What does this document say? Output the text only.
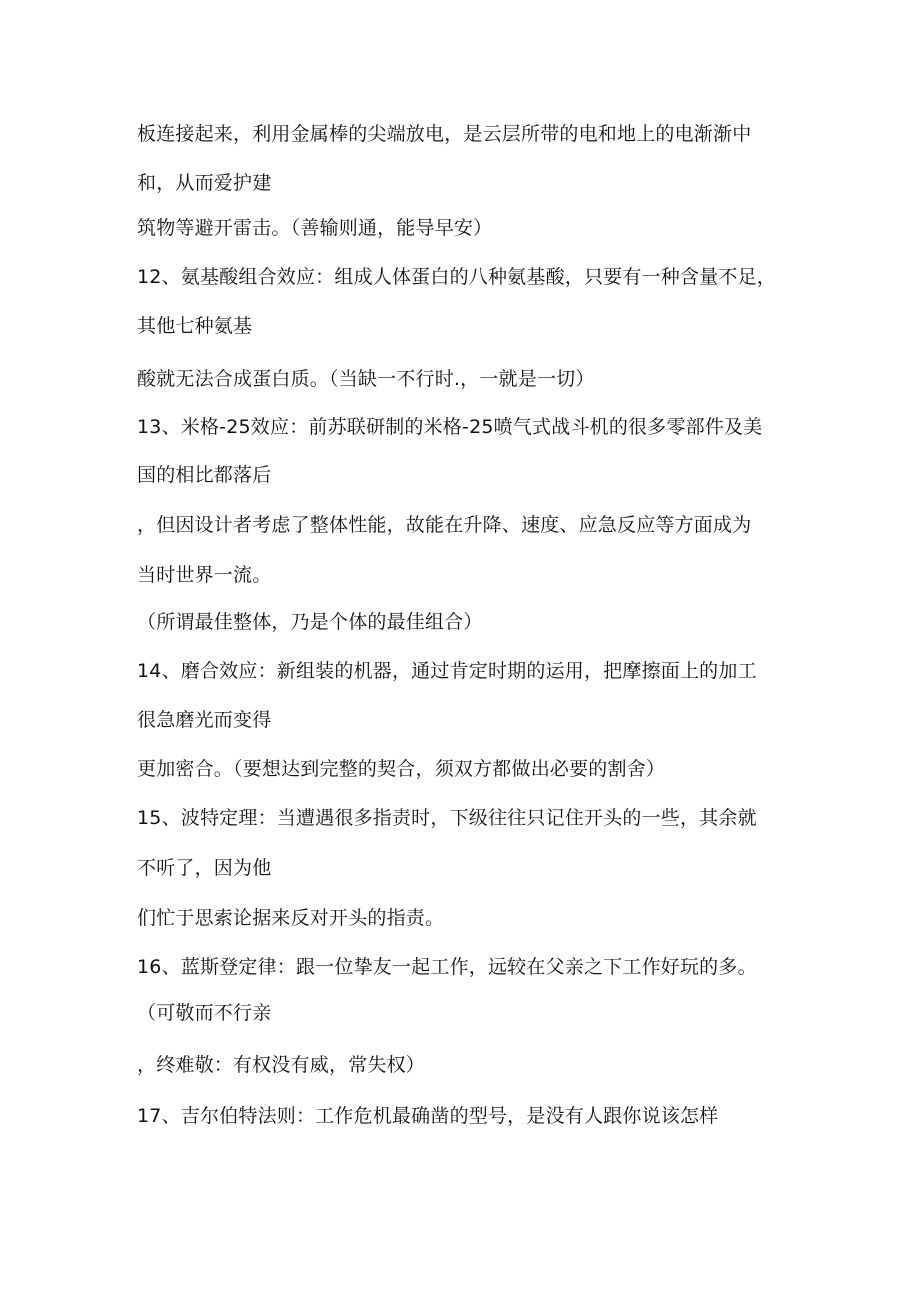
板连接起来，利用金属棒的尖端放电，是云层所带的电和地上的电渐渐中
和，从而爱护建
筑物等避开雷击。（善输则通，能导早安）
12、氨基酸组合效应：组成人体蛋白的八种氨基酸，只要有一种含量不足，
其他七种氨基
酸就无法合成蛋白质。（当缺一不行时.，一就是一切）
13、米格-25效应：前苏联研制的米格-25喷气式战斗机的很多零部件及美
国的相比都落后
，但因设计者考虑了整体性能，故能在升降、速度、应急反应等方面成为
当时世界一流。
（所谓最佳整体，乃是个体的最佳组合）
14、磨合效应：新组装的机器，通过肯定时期的运用，把摩擦面上的加工
很急磨光而变得
更加密合。（要想达到完整的契合，须双方都做出必要的割舍）
15、波特定理：当遭遇很多指责时，下级往往只记住开头的一些，其余就
不听了，因为他
们忙于思索论据来反对开头的指责。
16、蓝斯登定律：跟一位挚友一起工作，远较在父亲之下工作好玩的多。
（可敬而不行亲
，终难敬：有权没有威，常失权）
17、吉尔伯特法则：工作危机最确凿的型号，是没有人跟你说该怎样
